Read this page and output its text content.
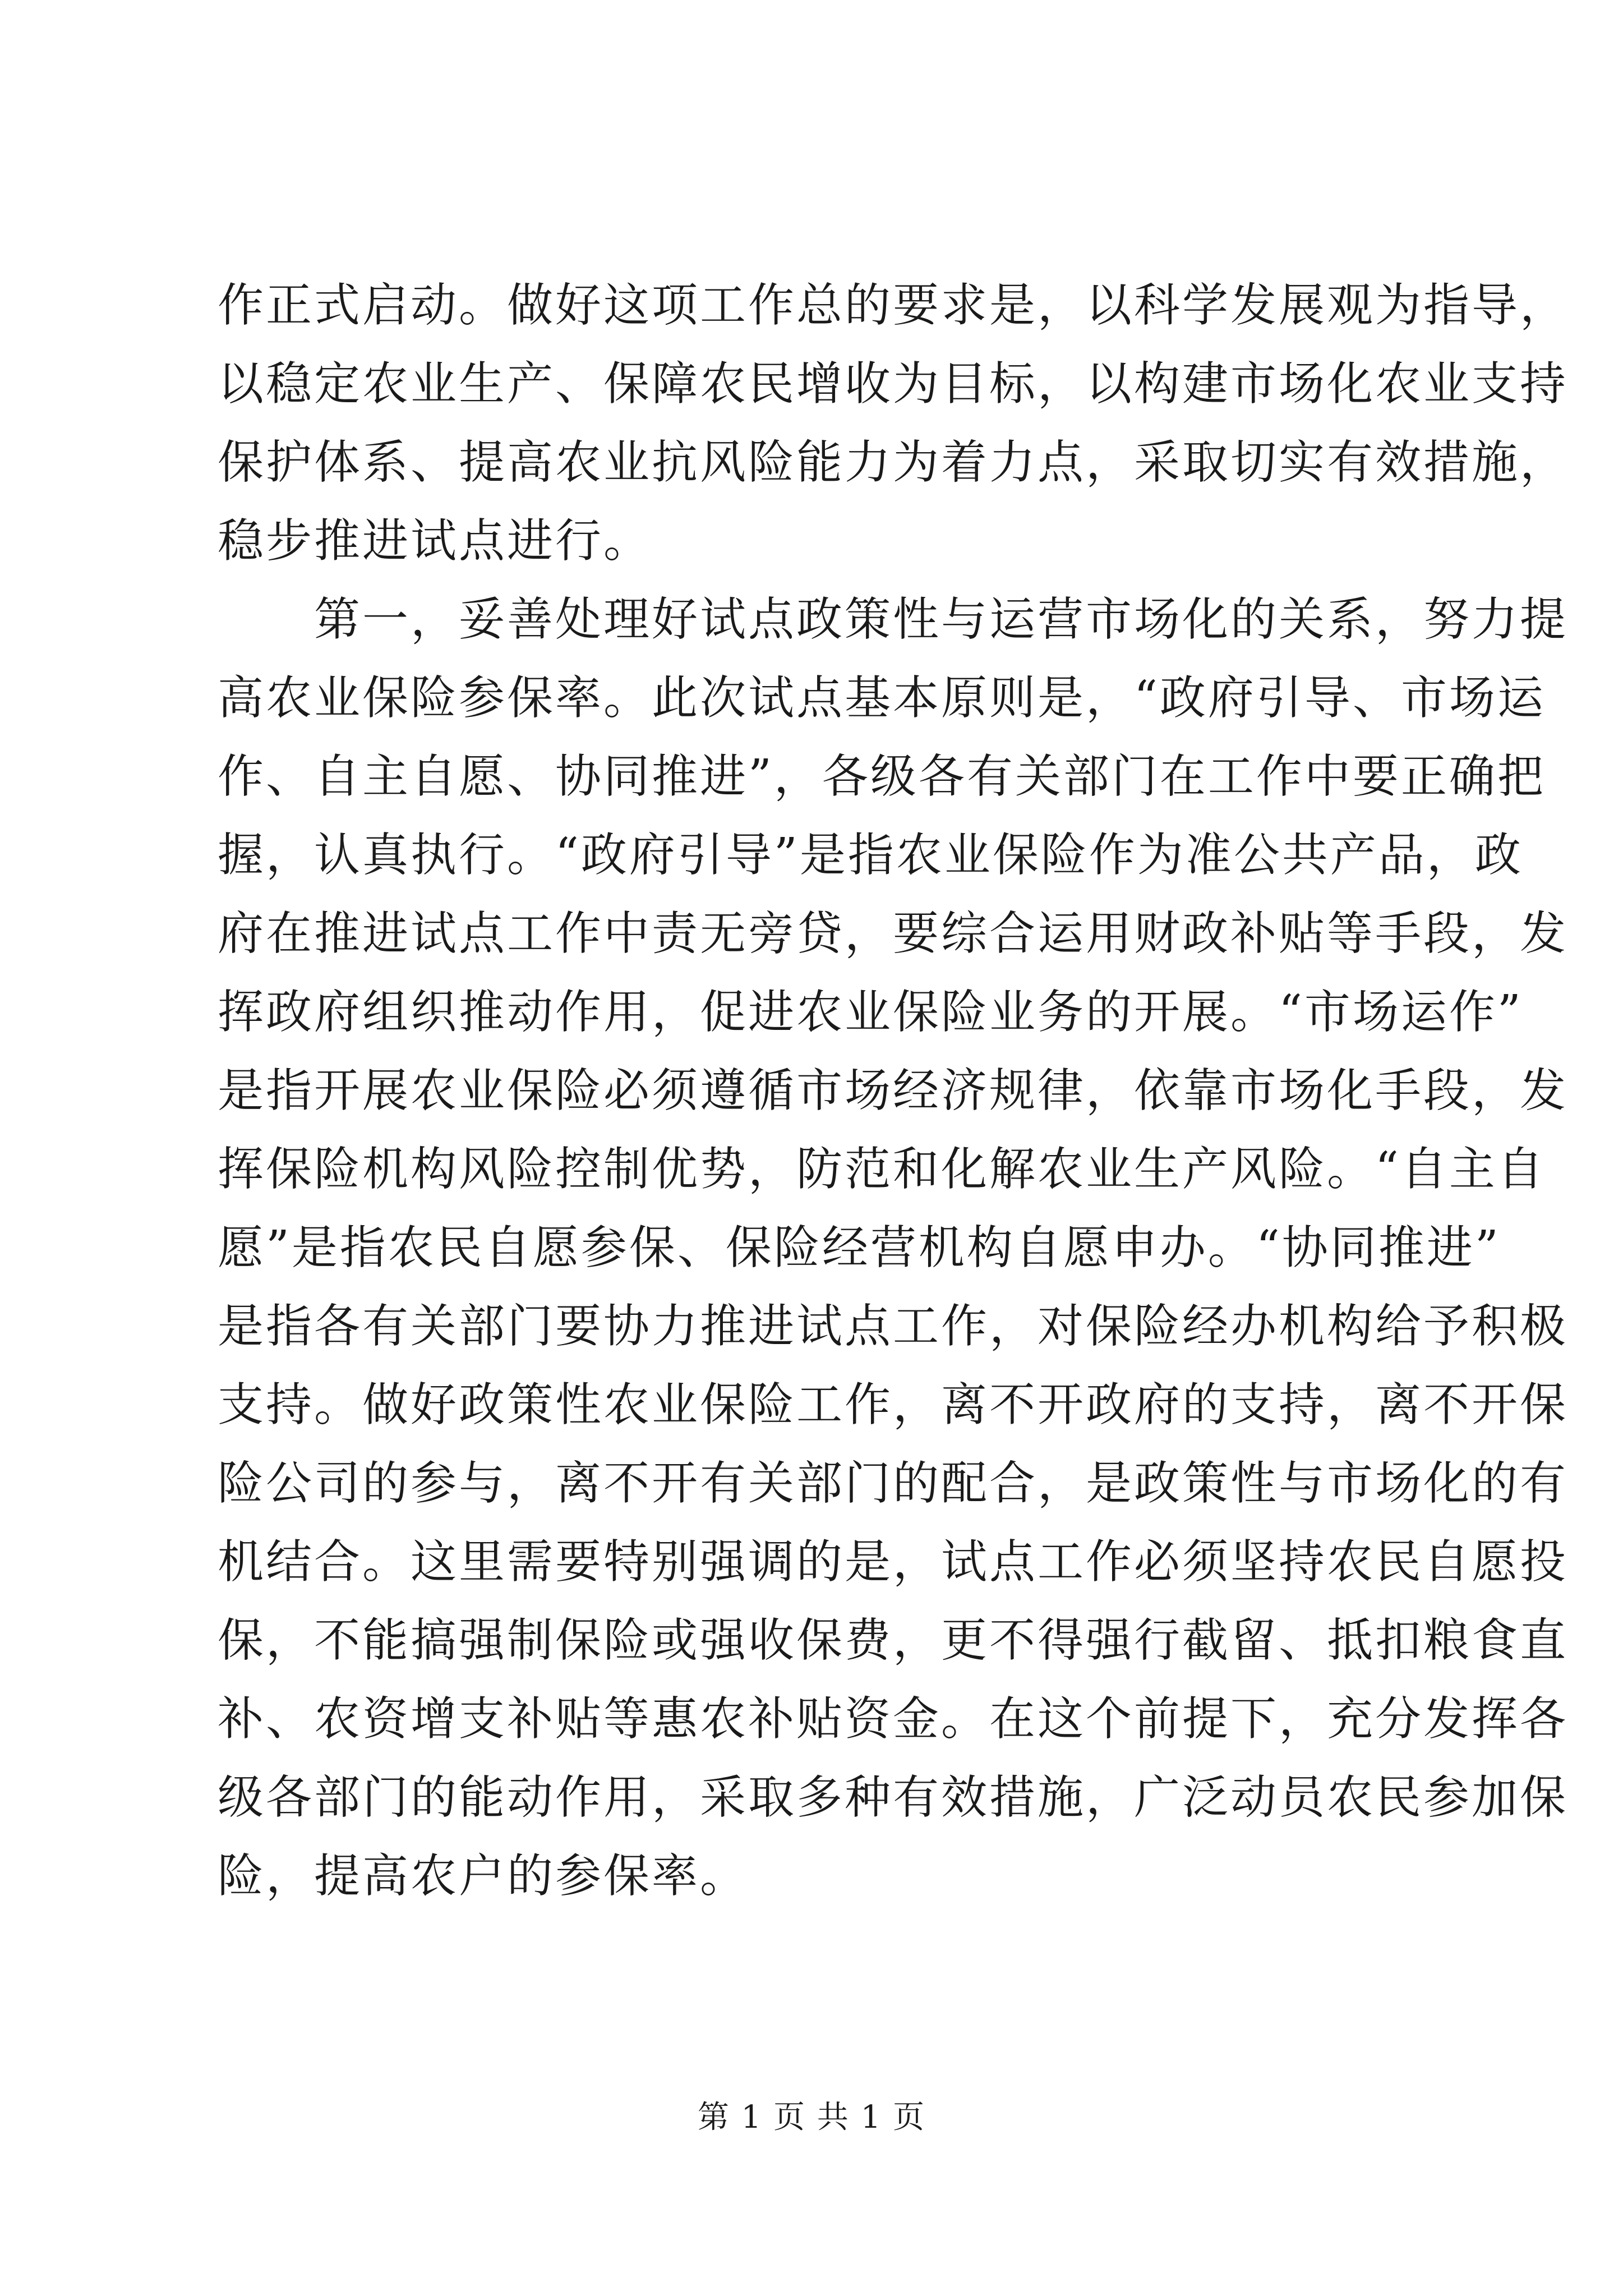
作正式启动。做好这项工作总的要求是，以科学发展观为指导，
以稳定农业生产、保障农民增收为目标，以构建市场化农业支持
保护体系、提高农业抗风险能力为着力点，采取切实有效措施，
稳步推进试点进行。
　　第一，妥善处理好试点政策性与运营市场化的关系，努力提
高农业保险参保率。此次试点基本原则是，“政府引导、市场运
作、自主自愿、协同推进”，各级各有关部门在工作中要正确把
握，认真执行。“政府引导”是指农业保险作为准公共产品，政
府在推进试点工作中责无旁贷，要综合运用财政补贴等手段，发
挥政府组织推动作用，促进农业保险业务的开展。“市场运作”
是指开展农业保险必须遵循市场经济规律，依靠市场化手段，发
挥保险机构风险控制优势，防范和化解农业生产风险。“自主自
愿”是指农民自愿参保、保险经营机构自愿申办。“协同推进”
是指各有关部门要协力推进试点工作，对保险经办机构给予积极
支持。做好政策性农业保险工作，离不开政府的支持，离不开保
险公司的参与，离不开有关部门的配合，是政策性与市场化的有
机结合。这里需要特别强调的是，试点工作必须坚持农民自愿投
保，不能搞强制保险或强收保费，更不得强行截留、抵扣粮食直
补、农资增支补贴等惠农补贴资金。在这个前提下，充分发挥各
级各部门的能动作用，采取多种有效措施，广泛动员农民参加保
险，提高农户的参保率。
第 1 页 共 1 页
